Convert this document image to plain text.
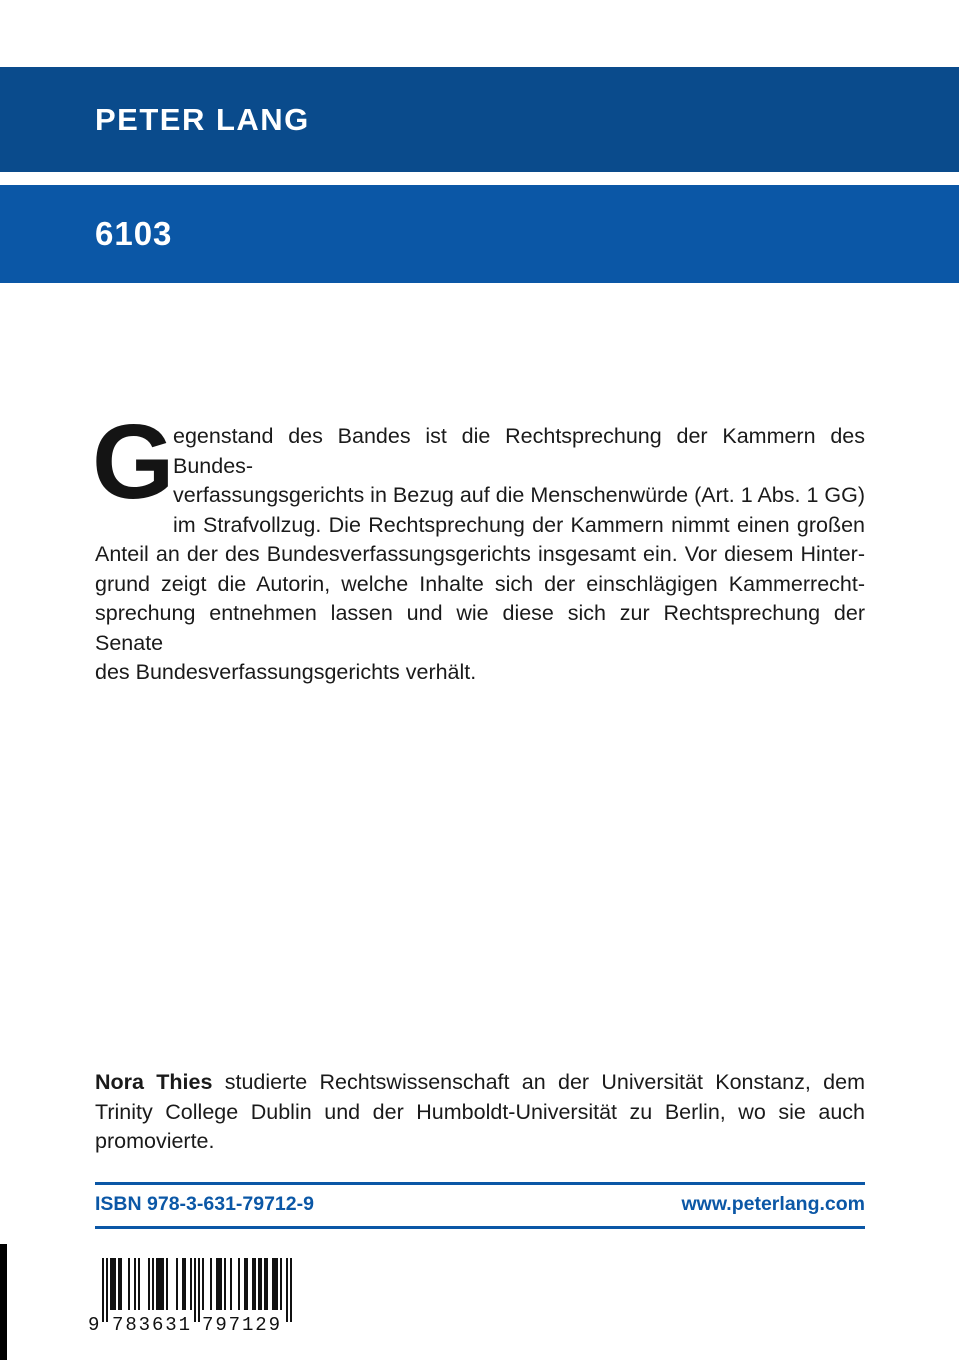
PETER LANG
6103
G
egenstand des Bandes ist die Rechtsprechung der Kammern des Bundes-
verfassungsgerichts in Bezug auf die Menschenwürde (Art. 1 Abs. 1 GG)
im Strafvollzug. Die Rechtsprechung der Kammern nimmt einen großen
Anteil an der des Bundesverfassungsgerichts insgesamt ein. Vor diesem Hinter-
grund zeigt die Autorin, welche Inhalte sich der einschlägigen Kammerrecht-
sprechung entnehmen lassen und wie diese sich zur Rechtsprechung der Senate
des Bundesverfassungsgerichts verhält.
Nora Thies studierte Rechtswissenschaft an der Universität Konstanz, dem
Trinity College Dublin und der Humboldt-Universität zu Berlin, wo sie auch
promovierte.
ISBN 978-3-631-79712-9	www.peterlang.com
9 783631 797129
